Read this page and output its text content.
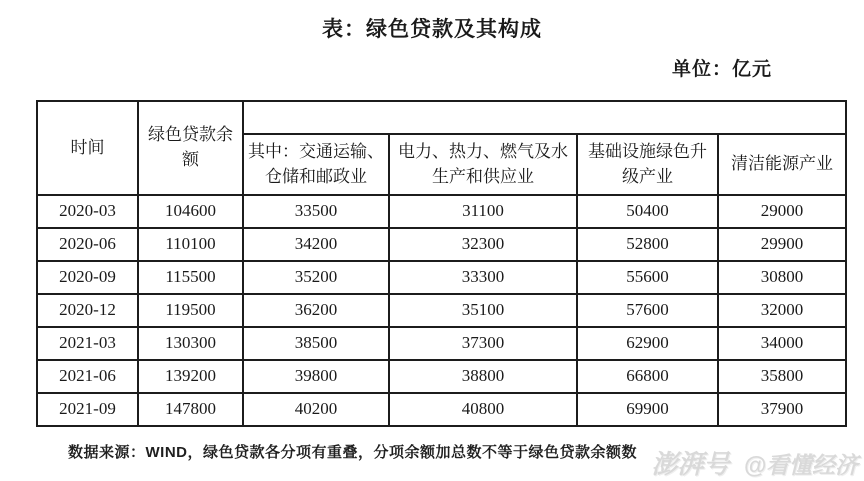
表：绿色贷款及其构成
单位：亿元
时间	绿色贷款余额				
		其中：交通运输、仓储和邮政业	电力、热力、燃气及水生产和供应业	基础设施绿色升级产业	清洁能源产业
2020-03	104600	33500	31100	50400	29000
2020-06	110100	34200	32300	52800	29900
2020-09	115500	35200	33300	55600	30800
2020-12	119500	36200	35100	57600	32000
2021-03	130300	38500	37300	62900	34000
2021-06	139200	39800	38800	66800	35800
2021-09	147800	40200	40800	69900	37900
数据来源：WIND，绿色贷款各分项有重叠，分项余额加总数不等于绿色贷款余额数 澎湃号 @看懂经济
